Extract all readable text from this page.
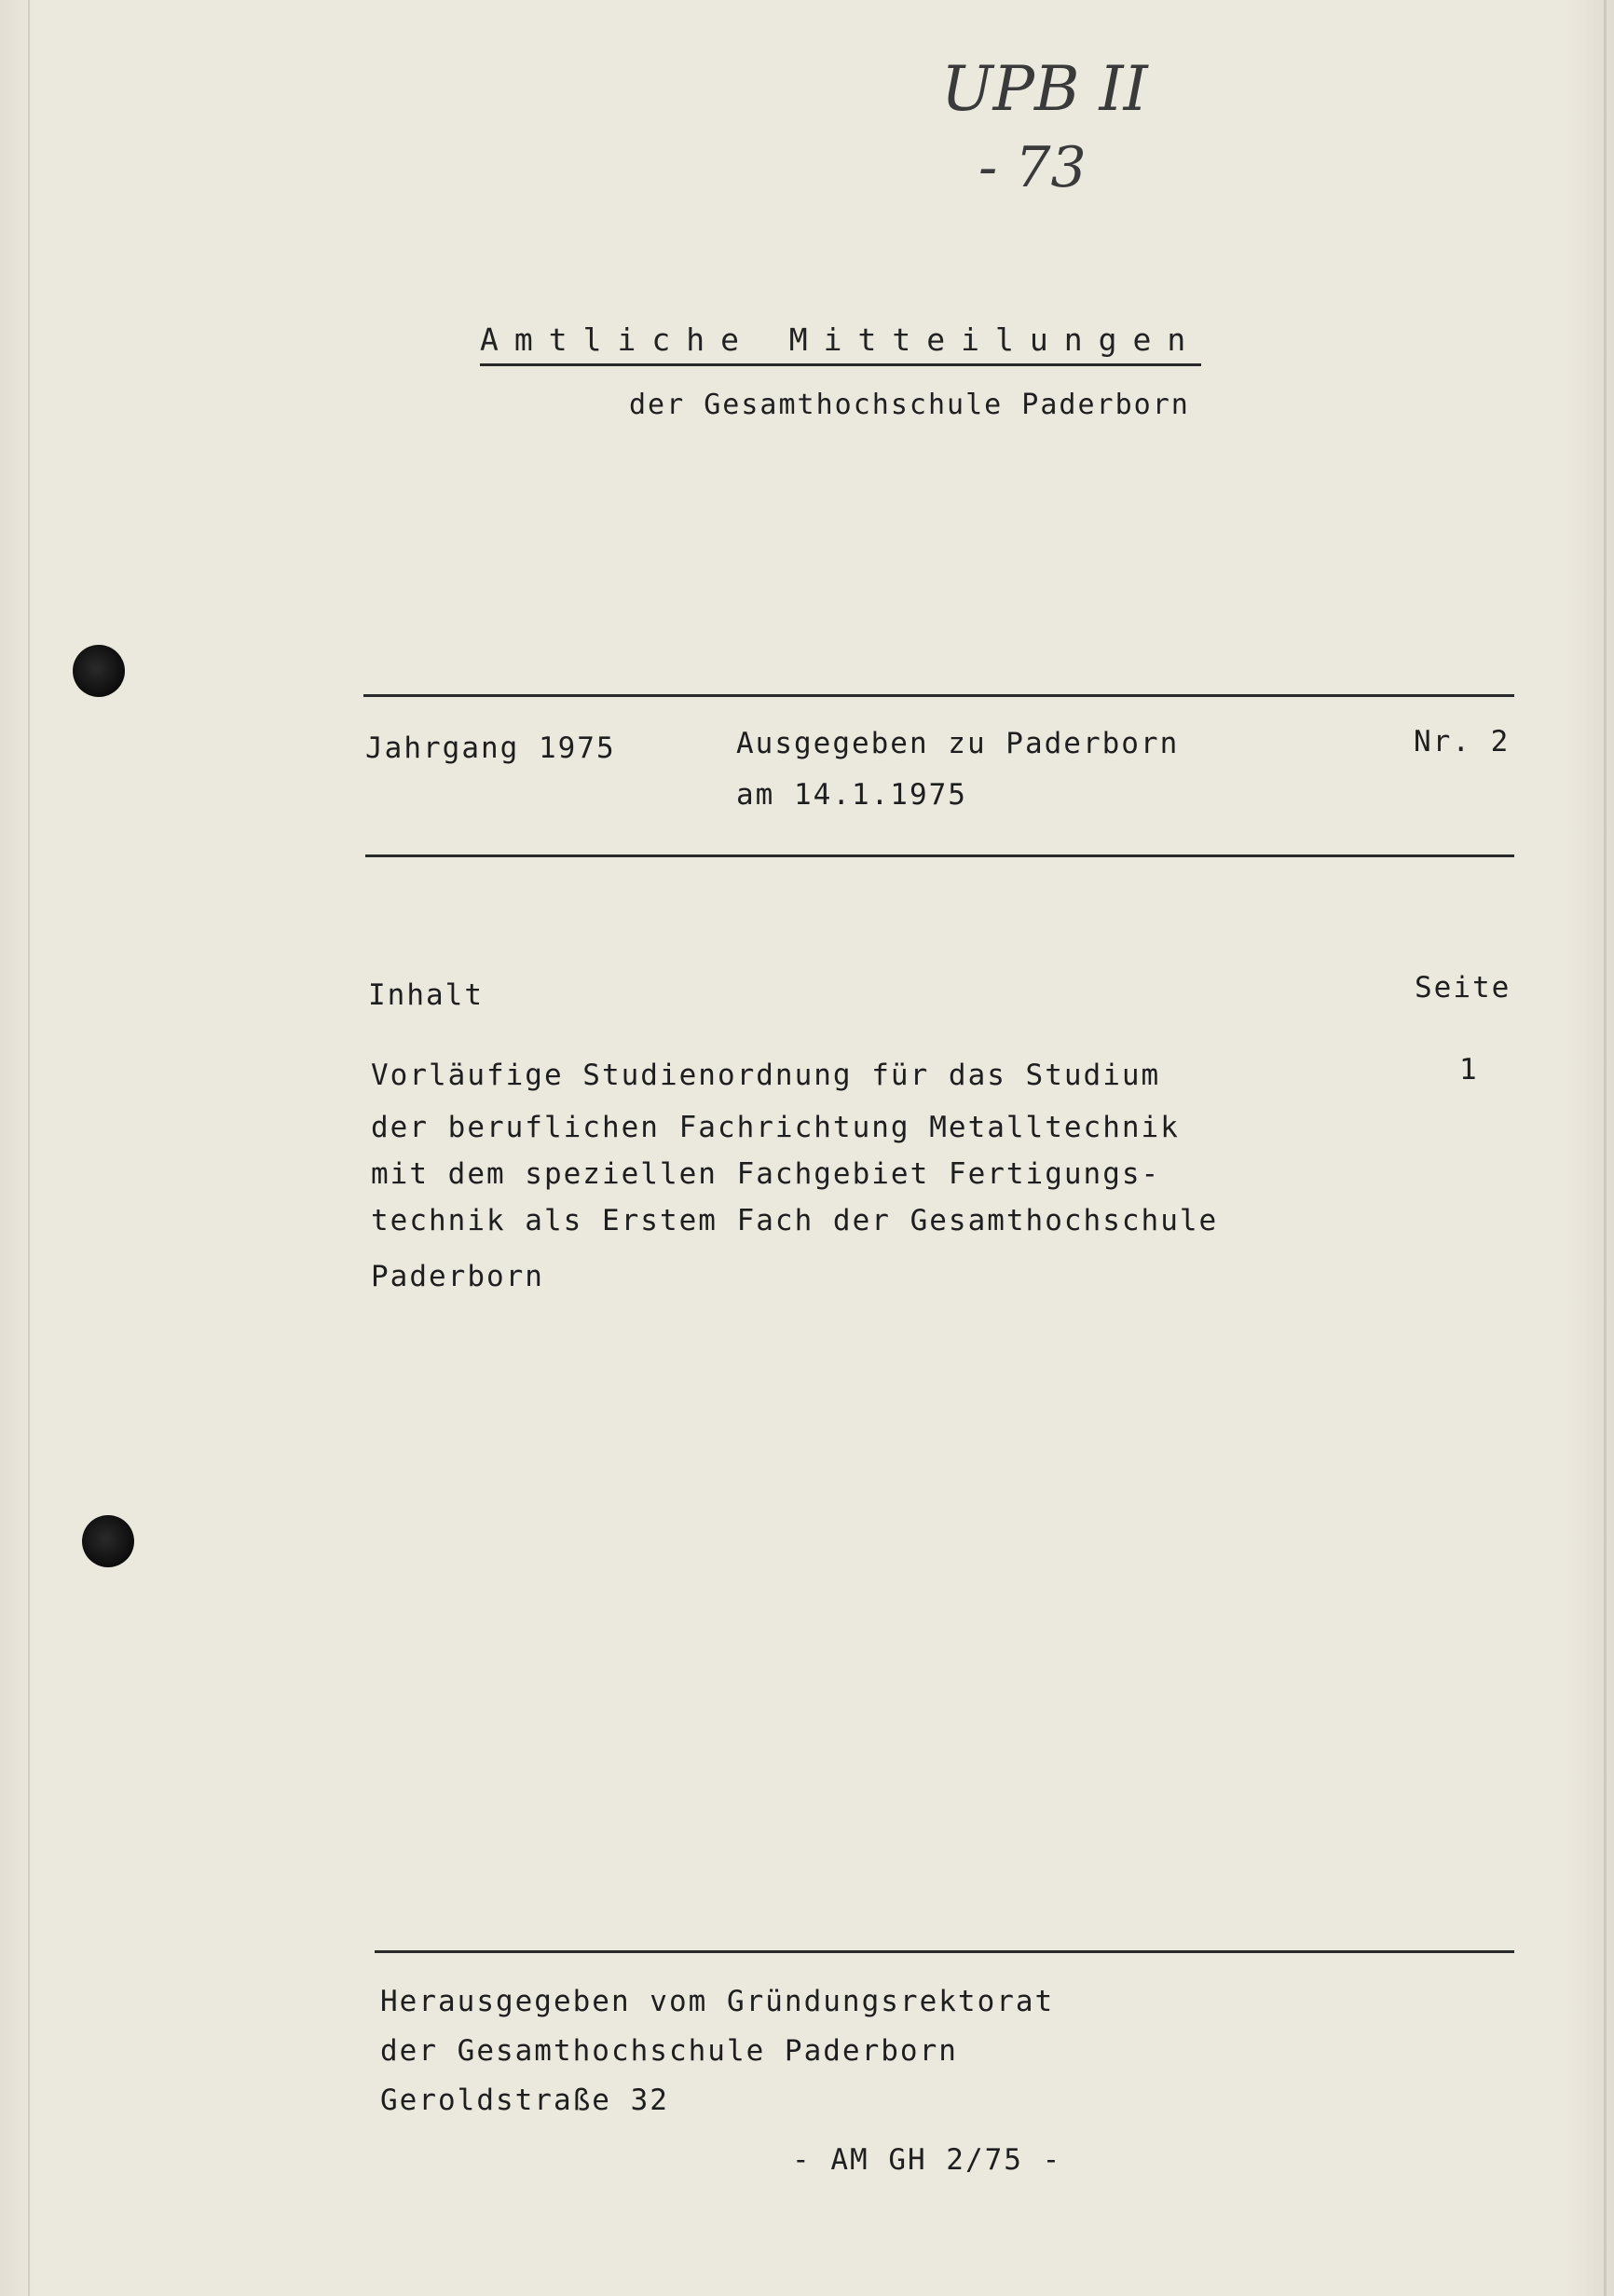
UPB II
- 73
Amtliche Mitteilungen
der Gesamthochschule Paderborn
Jahrgang 1975	Ausgegeben zu Paderborn
am 14.1.1975
Nr. 2
Inhalt	Seite
Vorläufige Studienordnung für das Studium
der beruflichen Fachrichtung Metalltechnik
mit dem speziellen Fachgebiet Fertigungs-
technik als Erstem Fach der Gesamthochschule
Paderborn
1
Herausgegeben vom Gründungsrektorat
der Gesamthochschule Paderborn
Geroldstraße 32
- AM GH 2/75 -
